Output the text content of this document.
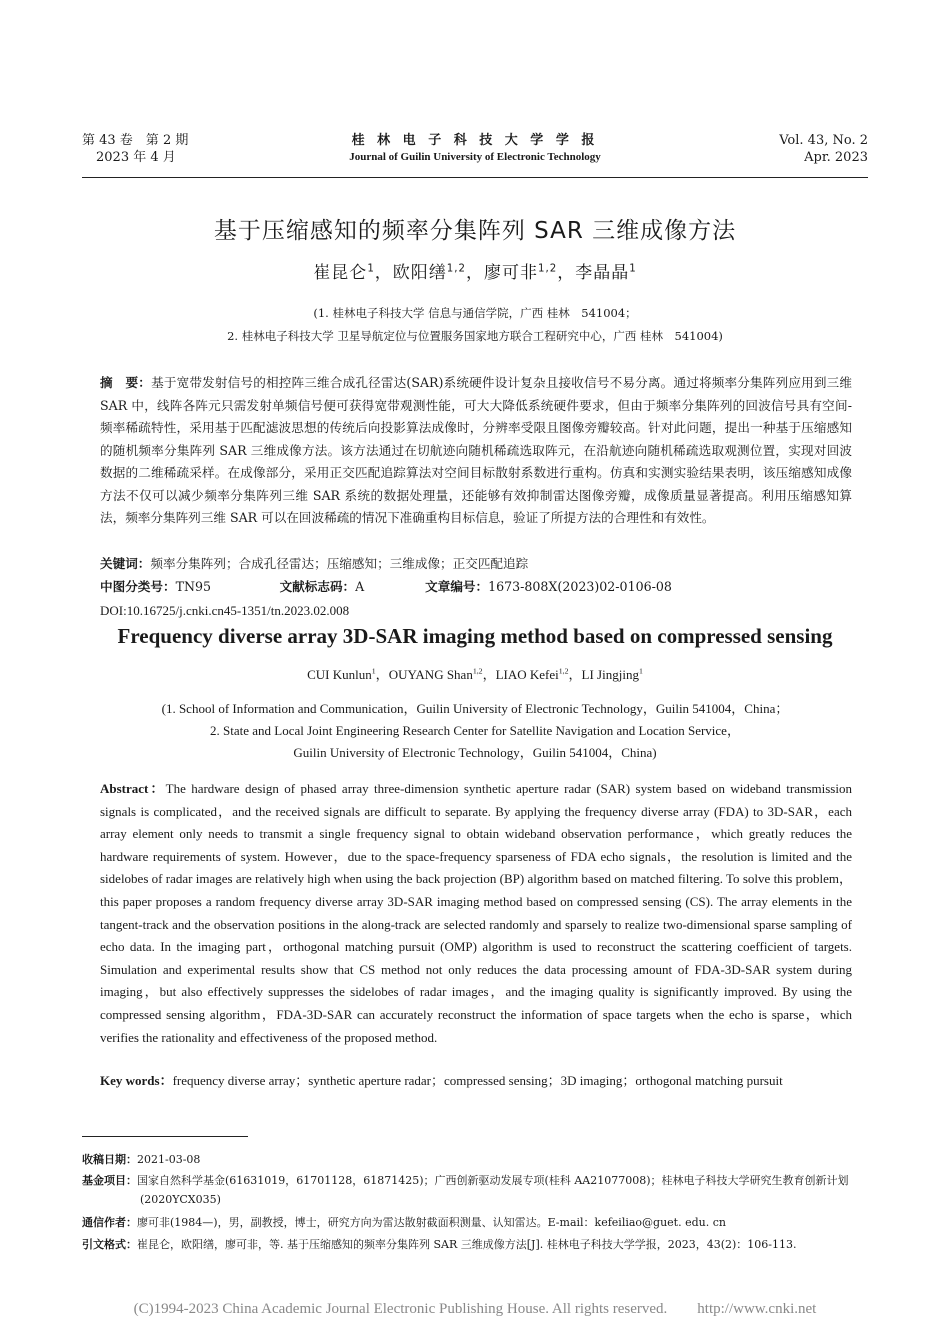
第 43 卷　第 2 期
2023 年 4 月
桂 林 电 子 科 技 大 学 学 报
Journal of Guilin University of Electronic Technology
Vol. 43, No. 2
Apr. 2023
基于压缩感知的频率分集阵列 SAR 三维成像方法
崔昆仑$^1$，欧阳缮$^{1,2}$，廖可非$^{1,2}$，李晶晶$^1$
(1. 桂林电子科技大学 信息与通信学院，广西 桂林　541004；
2. 桂林电子科技大学 卫星导航定位与位置服务国家地方联合工程研究中心，广西 桂林　541004)
摘　要：基于宽带发射信号的相控阵三维合成孔径雷达(SAR)系统硬件设计复杂且接收信号不易分离。通过将频率分集阵列应用到三维 SAR 中，线阵各阵元只需发射单频信号便可获得宽带观测性能，可大大降低系统硬件要求，但由于频率分集阵列的回波信号具有空间-频率稀疏特性，采用基于匹配滤波思想的传统后向投影算法成像时，分辨率受限且图像旁瓣较高。针对此问题，提出一种基于压缩感知的随机频率分集阵列 SAR 三维成像方法。该方法通过在切航迹向随机稀疏选取阵元，在沿航迹向随机稀疏选取观测位置，实现对回波数据的二维稀疏采样。在成像部分，采用正交匹配追踪算法对空间目标散射系数进行重构。仿真和实测实验结果表明，该压缩感知成像方法不仅可以减少频率分集阵列三维 SAR 系统的数据处理量，还能够有效抑制雷达图像旁瓣，成像质量显著提高。利用压缩感知算法，频率分集阵列三维 SAR 可以在回波稀疏的情况下准确重构目标信息，验证了所提方法的合理性和有效性。
关键词：频率分集阵列；合成孔径雷达；压缩感知；三维成像；正交匹配追踪
中图分类号：TN95	文献标志码：A	文章编号：1673-808X(2023)02-0106-08
DOI:10.16725/j.cnki.cn45-1351/tn.2023.02.008
Frequency diverse array 3D-SAR imaging method based on compressed sensing
CUI Kunlun$^1$，OUYANG Shan$^{1,2}$，LIAO Kefei$^{1,2}$，LI Jingjing$^1$
(1. School of Information and Communication，Guilin University of Electronic Technology，Guilin 541004，China；
2. State and Local Joint Engineering Research Center for Satellite Navigation and Location Service，
Guilin University of Electronic Technology，Guilin 541004，China)
Abstract：The hardware design of phased array three-dimension synthetic aperture radar (SAR) system based on wideband transmission signals is complicated，and the received signals are difficult to separate. By applying the frequency diverse array (FDA) to 3D-SAR，each array element only needs to transmit a single frequency signal to obtain wideband observation performance，which greatly reduces the hardware requirements of system. However，due to the space-frequency sparseness of FDA echo signals，the resolution is limited and the sidelobes of radar images are relatively high when using the back projection (BP) algorithm based on matched filtering. To solve this problem，this paper proposes a random frequency diverse array 3D-SAR imaging method based on compressed sensing (CS). The array elements in the tangent-track and the observation positions in the along-track are selected randomly and sparsely to realize two-dimensional sparse sampling of echo data. In the imaging part，orthogonal matching pursuit (OMP) algorithm is used to reconstruct the scattering coefficient of targets. Simulation and experimental results show that CS method not only reduces the data processing amount of FDA-3D-SAR system during imaging，but also effectively suppresses the sidelobes of radar images，and the imaging quality is significantly improved. By using the compressed sensing algorithm，FDA-3D-SAR can accurately reconstruct the information of space targets when the echo is sparse，which verifies the rationality and effectiveness of the proposed method.
Key words：frequency diverse array；synthetic aperture radar；compressed sensing；3D imaging；orthogonal matching pursuit
收稿日期：2021-03-08
基金项目：国家自然科学基金(61631019，61701128，61871425)；广西创新驱动发展专项(桂科 AA21077008)；桂林电子科技大学研究生教育创新计划(2020YCX035)
通信作者：廖可非(1984—)，男，副教授，博士，研究方向为雷达散射截面积测量、认知雷达。E-mail：kefeiliao@guet. edu. cn
引文格式：崔昆仑，欧阳缮，廖可非，等. 基于压缩感知的频率分集阵列 SAR 三维成像方法[J]. 桂林电子科技大学学报，2023，43(2)：106-113.
(C)1994-2023 China Academic Journal Electronic Publishing House. All rights reserved.　　http://www.cnki.net
